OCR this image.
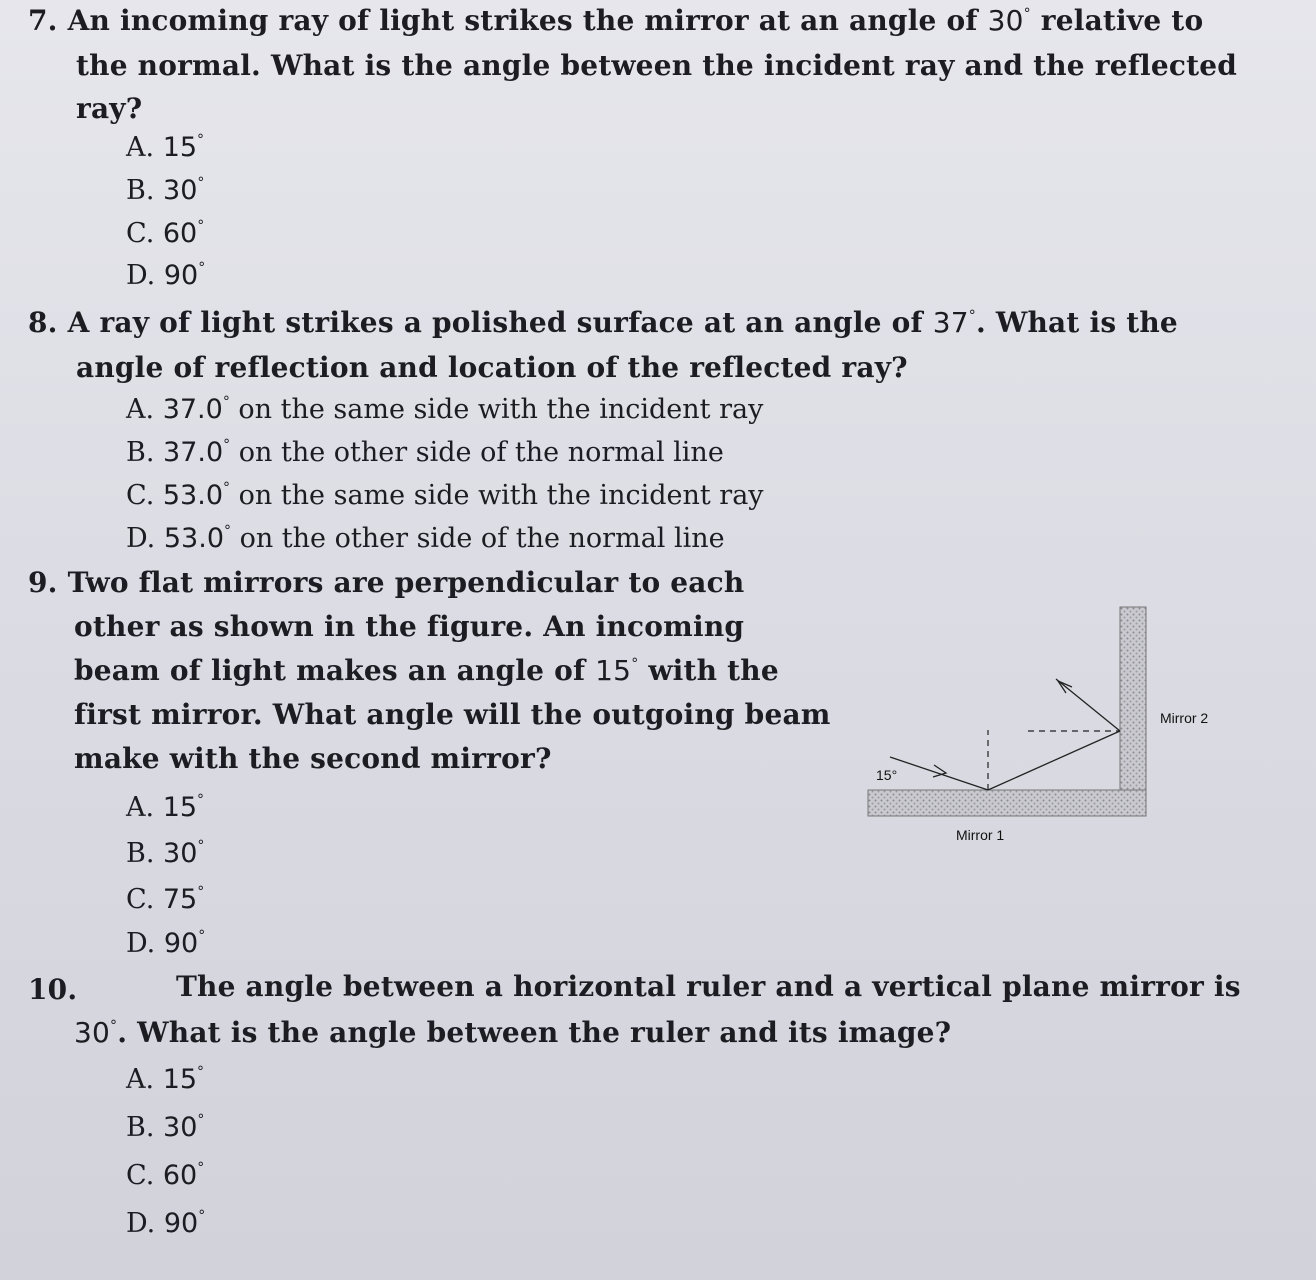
7. An incoming ray of light strikes the mirror at an angle of 30° relative to
the normal. What is the angle between the incident ray and the reflected
ray?
A. 15°
B. 30°
C. 60°
D. 90°
8. A ray of light strikes a polished surface at an angle of 37°. What is the
angle of reflection and location of the reflected ray?
A. 37.0° on the same side with the incident ray
B. 37.0° on the other side of the normal line
C. 53.0° on the same side with the incident ray
D. 53.0° on the other side of the normal line
9. Two flat mirrors are perpendicular to each
other as shown in the figure. An incoming
beam of light makes an angle of 15° with the
first mirror. What angle will the outgoing beam
make with the second mirror?
A. 15°
B. 30°
C. 75°
D. 90°
15°
Mirror 2
Mirror 1
10.	The angle between a horizontal ruler and a vertical plane mirror is
30°. What is the angle between the ruler and its image?
A. 15°
B. 30°
C. 60°
D. 90°
